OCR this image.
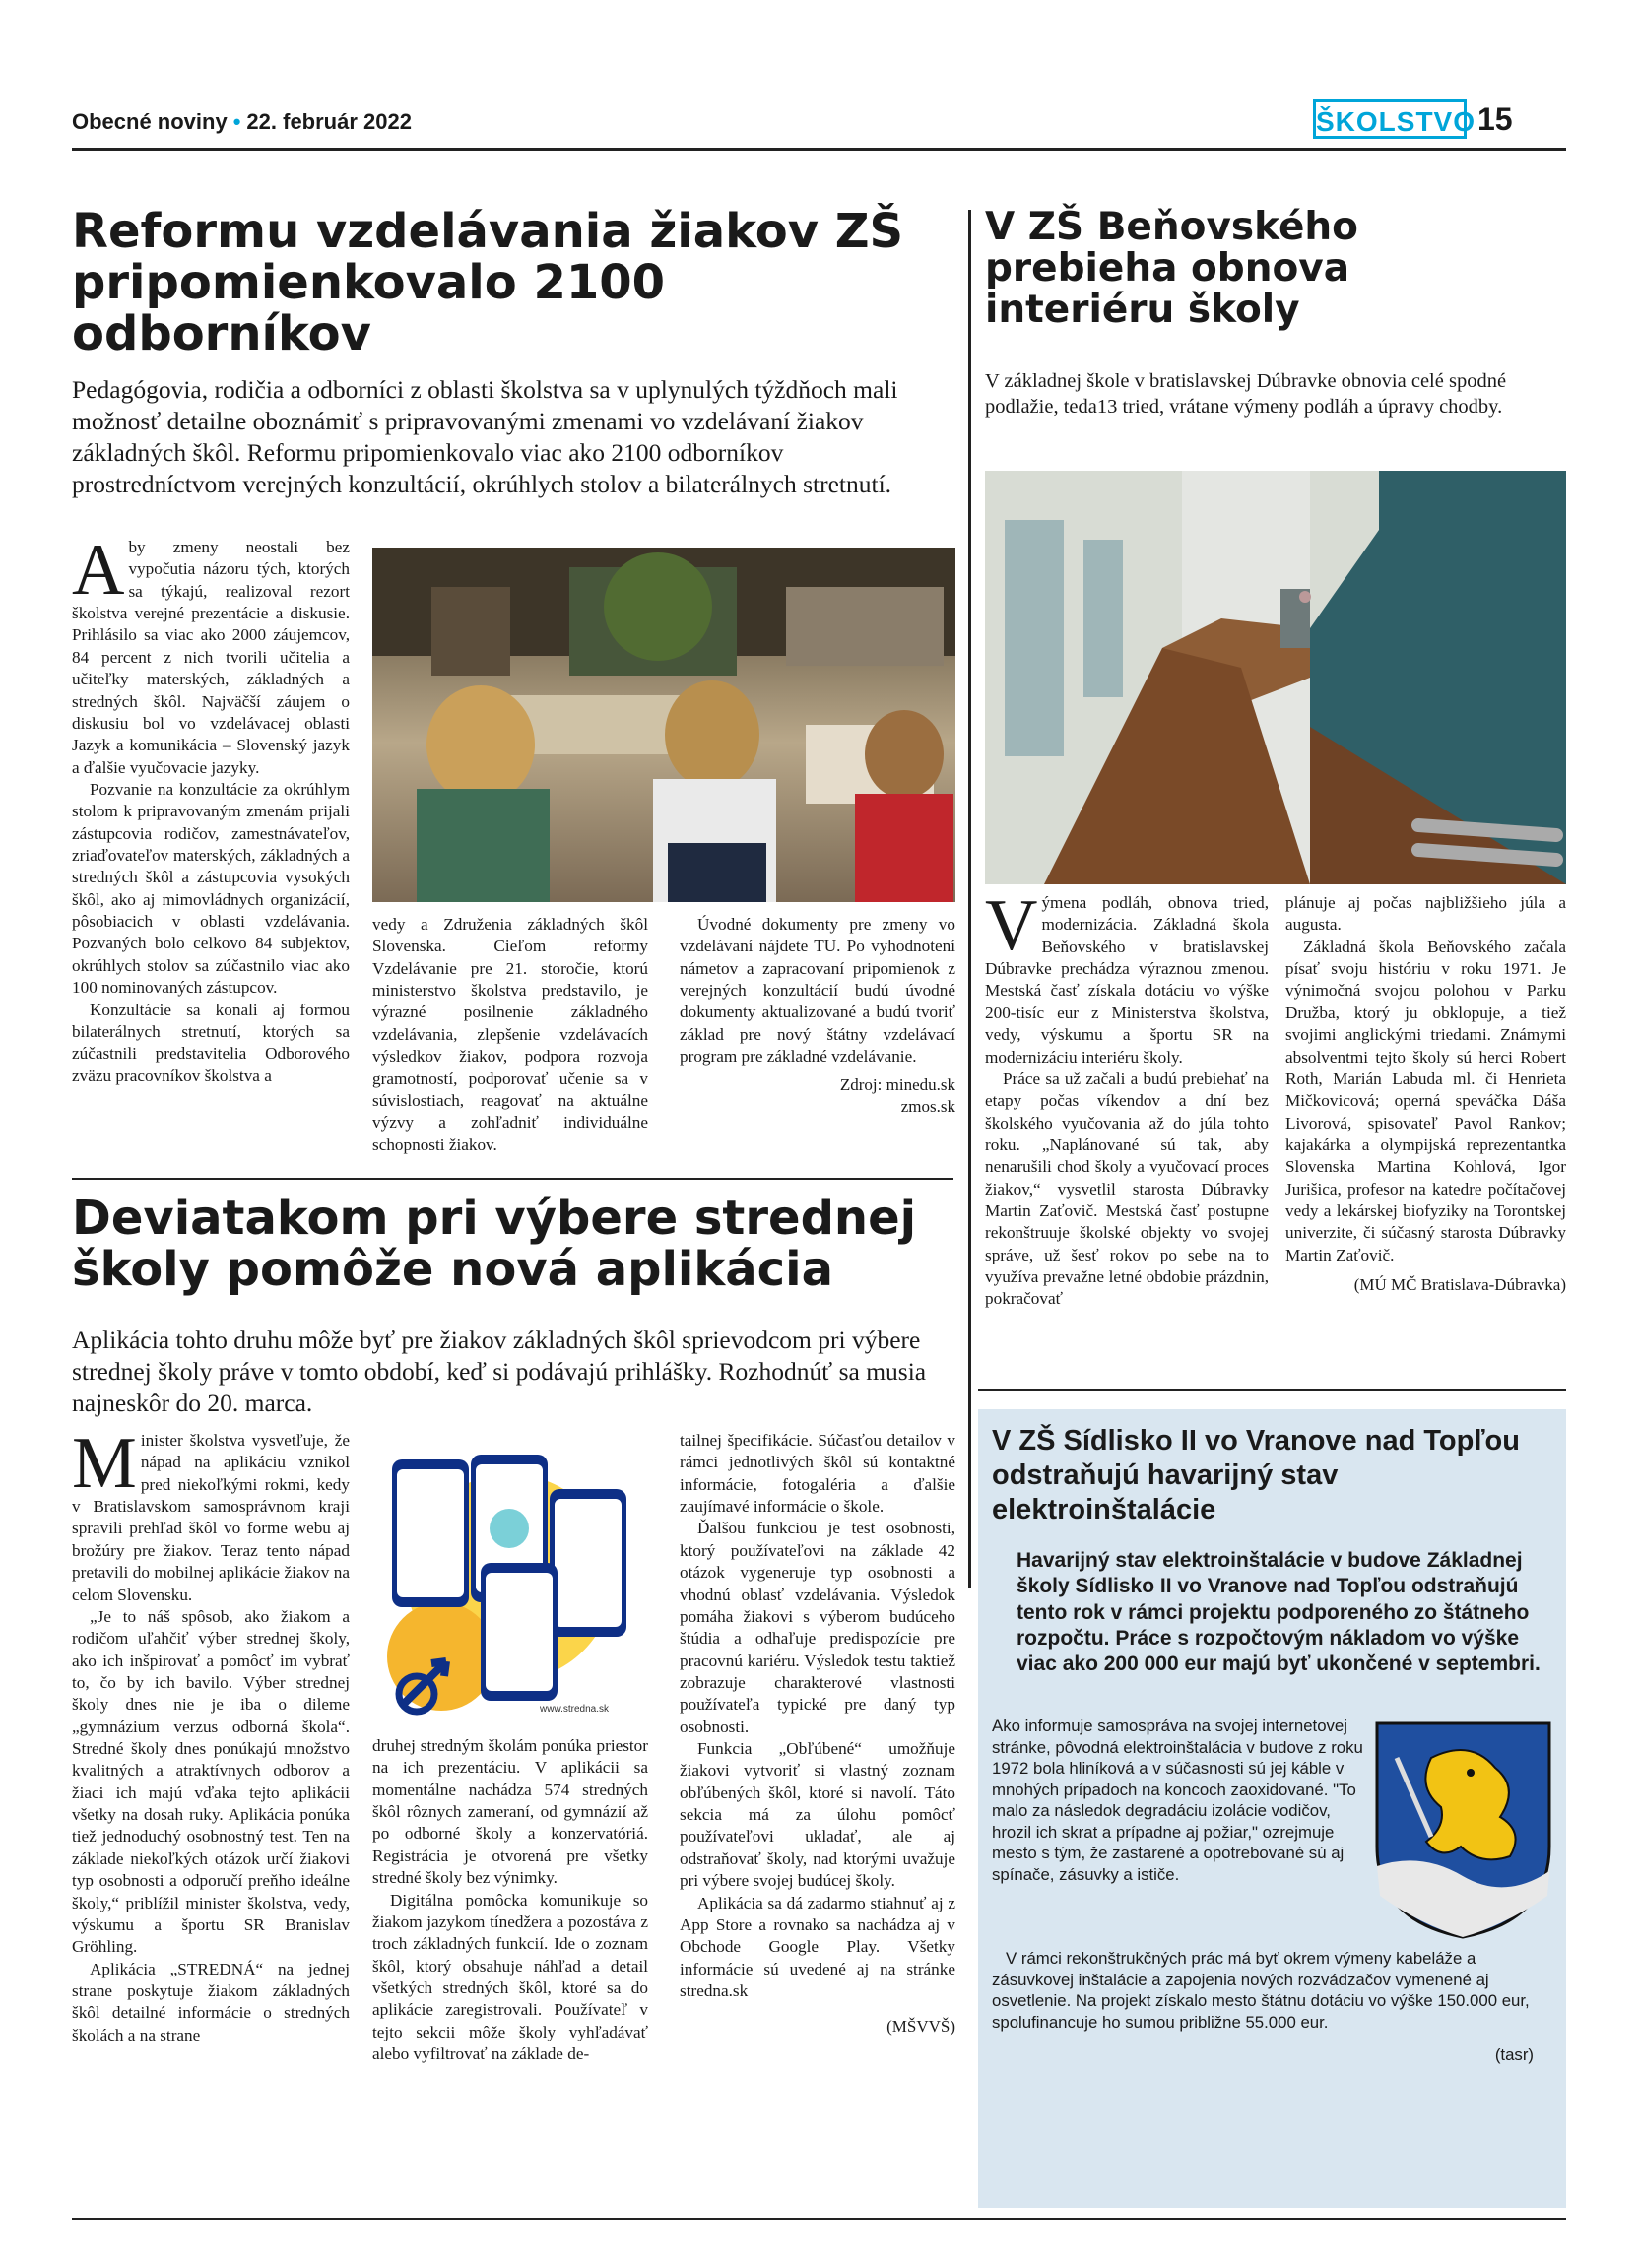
Obecné noviny • 22. február 2022	ŠKOLSTVO 15
Reformu vzdelávania žiakov ZŠ pripomienkovalo 2100 odborníkov
Pedagógovia, rodičia a odborníci z oblasti školstva sa v uplynulých týždňoch mali možnosť detailne oboznámiť s pripravovanými zmenami vo vzdelávaní žiakov základných škôl. Reformu pripomienkovalo viac ako 2100 odborníkov prostredníctvom verejných konzultácií, okrúhlych stolov a bilaterálnych stretnutí.

Aby zmeny neostali bez vypočutia názoru tých, ktorých sa týkajú, realizoval rezort školstva verejné prezentácie a diskusie. Prihlásilo sa viac ako 2000 záujemcov, 84 percent z nich tvorili učitelia a učiteľky materských, základných a stredných škôl. Najväčší záujem o diskusiu bol vo vzdelávacej oblasti Jazyk a komunikácia – Slovenský jazyk a ďalšie vyučovacie jazyky.

Pozvanie na konzultácie za okrúhlym stolom k pripravovaným zmenám prijali zástupcovia rodičov, zamestnávateľov, zriaďovateľov materských, základných a stredných škôl a zástupcovia vysokých škôl, ako aj mimovládnych organizácií, pôsobiacich v oblasti vzdelávania. Pozvaných bolo celkovo 84 subjektov, okrúhlych stolov sa zúčastnilo viac ako 100 nominovaných zástupcov.

Konzultácie sa konali aj formou bilaterálnych stretnutí, ktorých sa zúčastnili predstavitelia Odborového zväzu pracovníkov školstva a

vedy a Združenia základných škôl Slovenska. Cieľom reformy Vzdelávanie pre 21. storočie, ktorú ministerstvo školstva predstavilo, je výrazné posilnenie základného vzdelávania, zlepšenie vzdelávacích výsledkov žiakov, podpora rozvoja gramotností, podporovať učenie sa v súvislostiach, reagovať na aktuálne výzvy a zohľadniť individuálne schopnosti žiakov.

Úvodné dokumenty pre zmeny vo vzdelávaní nájdete TU. Po vyhodnotení námetov a zapracovaní pripomienok z verejných konzultácií budú úvodné dokumenty aktualizované a budú tvoriť základ pre nový štátny vzdelávací program pre základné vzdelávanie.

Zdroj: minedu.sk
zmos.sk
V ZŠ Beňovského prebieha obnova interiéru školy
V základnej škole v bratislavskej Dúbravke obnovia celé spodné podlažie, teda13 tried, vrátane výmeny podláh a úpravy chodby.

Výmena podláh, obnova tried, modernizácia. Základná škola Beňovského v bratislavskej Dúbravke prechádza výraznou zmenou. Mestská časť získala dotáciu vo výške 200-tisíc eur z Ministerstva školstva, vedy, výskumu a športu SR na modernizáciu interiéru školy.

Práce sa už začali a budú prebiehať na etapy počas víkendov a dní bez školského vyučovania až do júla tohto roku. „Naplánované sú tak, aby nenarušili chod školy a vyučovací proces žiakov,“ vysvetlil starosta Dúbravky Martin Zaťovič. Mestská časť postupne rekonštruuje školské objekty vo svojej správe, už šesť rokov po sebe na to využíva prevažne letné obdobie prázdnin, pokračovať

plánuje aj počas najbližšieho júla a augusta.

Základná škola Beňovského začala písať svoju históriu v roku 1971. Je výnimočná svojou polohou v Parku Družba, ktorý ju obklopuje, a tiež svojimi anglickými triedami. Známymi absolventmi tejto školy sú herci Robert Roth, Marián Labuda ml. či Henrieta Mičkovicová; operná speváčka Dáša Livorová, spisovateľ Pavol Rankov; kajakárka a olympijská reprezentantka Slovenska Martina Kohlová, Igor Jurišica, profesor na katedre počítačovej vedy a lekárskej biofyziky na Torontskej univerzite, či súčasný starosta Dúbravky Martin Zaťovič.

(MÚ MČ Bratislava-Dúbravka)
Deviatakom pri výbere strednej školy pomôže nová aplikácia
Aplikácia tohto druhu môže byť pre žiakov základných škôl sprievodcom pri výbere strednej školy práve v tomto období, keď si podávajú prihlášky. Rozhodnúť sa musia najneskôr do 20. marca.

Minister školstva vysvetľuje, že nápad na aplikáciu vznikol pred niekoľkými rokmi, kedy v Bratislavskom samosprávnom kraji spravili prehľad škôl vo forme webu aj brožúry pre žiakov. Teraz tento nápad pretavili do mobilnej aplikácie žiakov na celom Slovensku.

„Je to náš spôsob, ako žiakom a rodičom uľahčiť výber strednej školy, ako ich inšpirovať a pomôcť im vybrať to, čo by ich bavilo. Výber strednej školy dnes nie je iba o dileme „gymnázium verzus odborná škola“. Stredné školy dnes ponúkajú množstvo kvalitných a atraktívnych odborov a žiaci ich majú vďaka tejto aplikácii všetky na dosah ruky. Aplikácia ponúka tiež jednoduchý osobnostný test. Ten na základe niekoľkých otázok určí žiakovi typ osobnosti a odporučí preňho ideálne školy,“ priblížil minister školstva, vedy, výskumu a športu SR Branislav Gröhling.

Aplikácia „STREDNÁ“ na jednej strane poskytuje žiakom základných škôl detailné informácie o stredných školách a na strane

www.stredna.sk

druhej stredným školám ponúka priestor na ich prezentáciu. V aplikácii sa momentálne nachádza 574 stredných škôl rôznych zameraní, od gymnázií až po odborné školy a konzervatóriá. Registrácia je otvorená pre všetky stredné školy bez výnimky.

Digitálna pomôcka komunikuje so žiakom jazykom tínedžera a pozostáva z troch základných funkcií. Ide o zoznam škôl, ktorý obsahuje náhľad a detail všetkých stredných škôl, ktoré sa do aplikácie zaregistrovali. Používateľ v tejto sekcii môže školy vyhľadávať alebo vyfiltrovať na základe de-

tailnej špecifikácie. Súčasťou detailov v rámci jednotlivých škôl sú kontaktné informácie, fotogaléria a ďalšie zaujímavé informácie o škole.

Ďalšou funkciou je test osobnosti, ktorý používateľovi na základe 42 otázok vygeneruje typ osobnosti a vhodnú oblasť vzdelávania. Výsledok pomáha žiakovi s výberom budúceho štúdia a odhaľuje predispozície pre pracovnú kariéru. Výsledok testu taktiež zobrazuje charakterové vlastnosti používateľa typické pre daný typ osobnosti.

Funkcia „Obľúbené“ umožňuje žiakovi vytvoriť si vlastný zoznam obľúbených škôl, ktoré si navolí. Táto sekcia má za úlohu pomôcť používateľovi ukladať, ale aj odstraňovať školy, nad ktorými uvažuje pri výbere svojej budúcej školy.

Aplikácia sa dá zadarmo stiahnuť aj z App Store a rovnako sa nachádza aj v Obchode Google Play. Všetky informácie sú uvedené aj na stránke stredna.sk

(MŠVVŠ)
V ZŠ Sídlisko II vo Vranove nad Topľou odstraňujú havarijný stav elektroinštalácie
Havarijný stav elektroinštalácie v budove Základnej školy Sídlisko II vo Vranove nad Topľou odstraňujú tento rok v rámci projektu podporeného zo štátneho rozpočtu. Práce s rozpočtovým nákladom vo výške viac ako 200 000 eur majú byť ukončené v septembri.

Ako informuje samospráva na svojej internetovej stránke, pôvodná elektroinštalácia v budove z roku 1972 bola hliníková a v súčasnosti sú jej káble v mnohých prípadoch na koncoch zaoxidované. "To malo za následok degradáciu izolácie vodičov, hrozil ich skrat a prípadne aj požiar," ozrejmuje mesto s tým, že zastarené a opotrebované sú aj spínače, zásuvky a ističe.

V rámci rekonštrukčných prác má byť okrem výmeny kabeláže a zásuvkovej inštalácie a zapojenia nových rozvádzačov vymenené aj osvetlenie. Na projekt získalo mesto štátnu dotáciu vo výške 150.000 eur, spolufinancuje ho sumou približne 55.000 eur.

(tasr)
